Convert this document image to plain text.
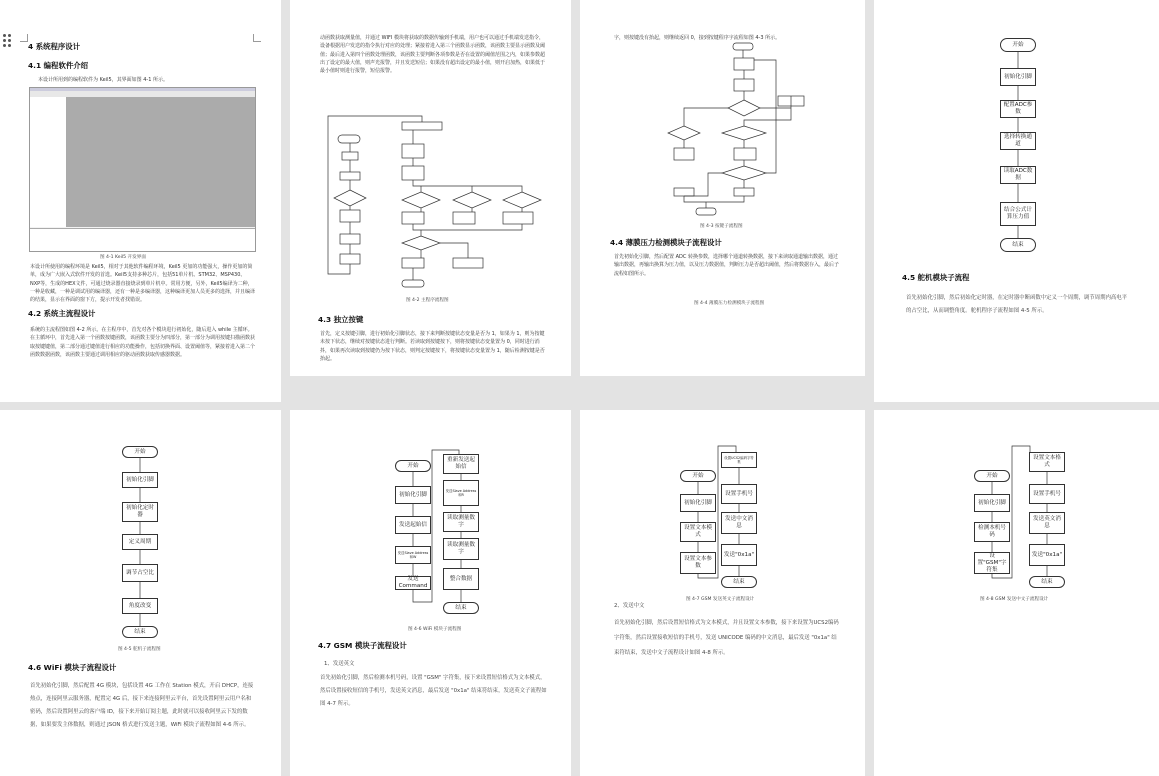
4 系统程序设计
4.1 编程软件介绍
本设计所用到的编程软件为 Keil5，其界面如图 4-1 所示。
图 4-1 Keil5 开发界面
本设计所使用的编程环境是 Keil5，相对于其他软件编程环境，Keil5 更加的功能强大，操作更加的简单，成为广大嵌入式软件开发的首选。Keil5支持多种芯片，包括51单片机、STM32、MSP430、NXP等，生成的HEX文件，可通过烧录器直接烧录到单片机中。常用方便，另外，Keil5编译为二种，一种是收藏，一种是调试用的编译器，还有一种是多编译器，这种编译更加人员更多的选择，并且编译的结果，显示在界面的窗下方，提示开发者找错误。
4.2 系统主流程设计
系统的主流程图如图 4-2 所示。在主程序中，首先对各个模块进行初始化，随后进入 while 主循环。在主循环中，首先进入第一个函数按键函数，该函数主要分为四部分，第一部分为调用按键扫描函数获取按键键值，第二部分通过键值进行相应的功能操作，包括切换界面、设置阈值等，紧接着进入第二个函数数据函数，该函数主要通过调用相应的驱动函数获取传感器数据。
动函数获取测量值，并通过 WIFI 模块将获取的数据传输到手机端，用户也可以通过手机端发送指令，设备根据用户发送的指令执行对应的处理；紧接着进入第三个函数显示函数，该函数主要显示函数及阈值；最后进入第四个函数处理函数，该函数主要判断各项参数是否在设置的阈值范围之内，如果参数超出了设定的最大值，则声光报警，并且发送短信；如果没有超出设定的最小值，则开启加热，如果低于最小值时则进行报警，短信报警。
图 4-2 主程序流程图
4.3 独立按键
首先，定义按键引脚，进行初始化引脚状态，接下来判断按键状态变量是否为 1，如果为 1，则为按键未按下状态，继续对按键状态进行判断。若读取到按键按下，则将按键状态变量置为 0，同时进行消抖，如果再次读取到按键仍为按下状态，则判定按键按下，将按键状态变量置为 1，随后检测按键是否抬起。
字，则按键没有抬起，则继续返回 0，接到按键程序字流程如图 4-3 所示。
图 4-3 按键子流程图
4.4 薄膜压力检测模块子流程设计
首先初始化引脚，然后配置 ADC 转换参数，选择哪个通道转换数据，接下来读取通道输出数据，通过输出数据，再输出换算为压力值，以及压力数据值，判断压力是否超出阈值，然后将数据存入，最后子流程如图所示。
图 4-4 薄膜压力检测模块子流程图
开始
初始化引脚
配置ADC参数
选择转换通道
读取ADC数据
结合公式计算压力值
结束
4.5 舵机模块子流程
首先初始化引脚，然后初始化定时器，在定时器中断函数中定义一个周期，调节周期内高电平的占空比，从而调整角度。舵机程序子流程如图 4-5 所示。
开始
初始化引脚
初始化定时器
定义周期
调节占空比
角度改变
结束
图 4-5 舵机子流程图
4.6 WiFi 模块子流程设计
首先初始化引脚，然后配置 4G 模块，包括设置 4G 工作在 Station 模式，开启 DHCP，连接热点，连接阿里云服务器，配置完 4G 后，接下来连接阿里云平台，首先设置阿里云用户名和密码，然后设置阿里云的客户端 ID，接下来开始订阅主题，此时就可以接收阿里云下发的数据，如果要发主体数据，则通过 JSON 格式进行发送主题，WiFi 模块子流程如图 4-6 所示。
开始
初始化引脚
发送起始信
发送Slave Address和W
发送Command
重新发送起始信
发送Slave Address和R
读取测量数字
读取测量数字
整合数据
结束
图 4-6 WiFi 模块子流程图
4.7 GSM 模块子流程设计
1、发送英文
首先初始化引脚，然后检测本机号码，设置 "GSM" 字符集，接下来设置短信格式为文本模式，然后设置接收短信的手机号，发送英文消息，最后发送 "0x1a" 结束符结束，发送英文子流程如图 4-7 所示。
开始
初始化引脚
设置文本模式
设置文本参数
设置UCS2编码字符集
设置手机号
发送中文消息
发送"0x1a"
结束
图 4-7 GSM 发送英文子流程设计
2、发送中文
首先初始化引脚，然后设置短信格式为文本模式，并且设置文本参数，接下来设置为UCS2编码字符集，然后设置接收短信的手机号，发送 UNICODE 编码的中文消息，最后发送 "0x1a" 结束符结束，发送中文子流程设计如图 4-8 所示。
开始
初始化引脚
检测本机号码
设置"GSM"字符集
设置文本格式
设置手机号
发送英文消息
发送"0x1a"
结束
图 4-8 GSM 发送中文子流程设计
